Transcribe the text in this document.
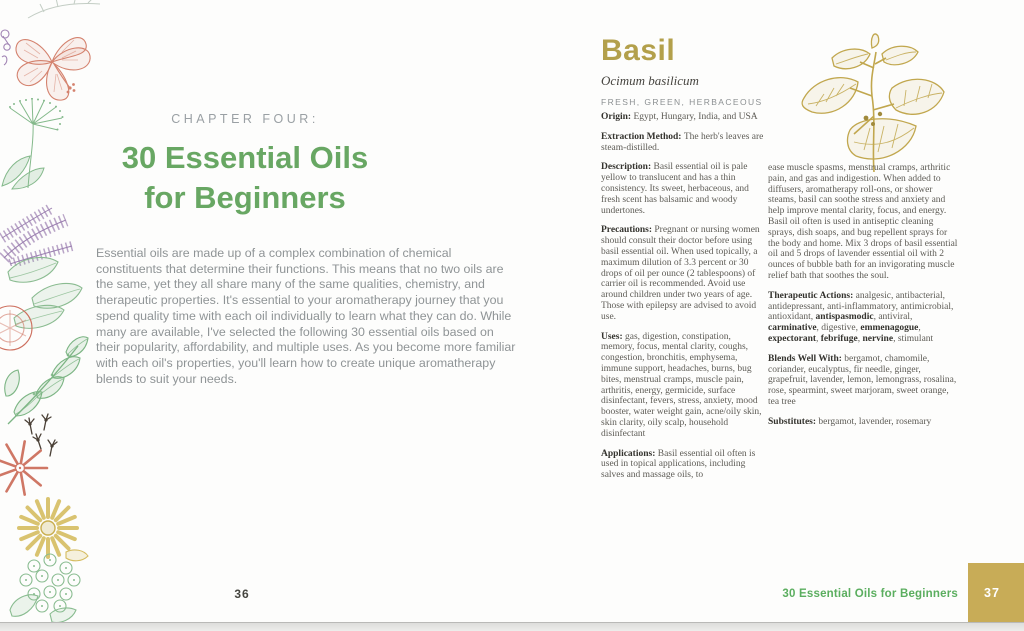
CHAPTER FOUR:
30 Essential Oils
for Beginners
Essential oils are made up of a complex combination of chemical constituents that determine their functions. This means that no two oils are the same, yet they all share many of the same qualities, chemistry, and therapeutic properties. It's essential to your aromatherapy journey that you spend quality time with each oil individually to learn what they can do. While many are available, I've selected the following 30 essential oils based on their popularity, affordability, and multiple uses. As you become more familiar with each oil's properties, you'll learn how to create unique aromatherapy blends to suit your needs.
36
Basil
Ocimum basilicum
FRESH, GREEN, HERBACEOUS

Origin: Egypt, Hungary, India, and USA

Extraction Method: The herb's leaves are steam-distilled.

Description: Basil essential oil is pale yellow to translucent and has a thin consistency. Its sweet, herbaceous, and fresh scent has balsamic and woody undertones.

Precautions: Pregnant or nursing women should consult their doctor before using basil essential oil. When used topically, a maximum dilution of 3.3 percent or 30 drops of oil per ounce (2 tablespoons) of carrier oil is recommended. Avoid use around children under two years of age. Those with epilepsy are advised to avoid use.

Uses: gas, digestion, constipation, memory, focus, mental clarity, coughs, congestion, bronchitis, emphysema, immune support, headaches, burns, bug bites, menstrual cramps, muscle pain, arthritis, energy, germicide, surface disinfectant, fevers, stress, anxiety, mood booster, water weight gain, acne/oily skin, skin clarity, oily scalp, household disinfectant

Applications: Basil essential oil often is used in topical applications, including salves and massage oils, to

ease muscle spasms, menstrual cramps, arthritic pain, and gas and indigestion. When added to diffusers, aromatherapy roll-ons, or shower steams, basil can soothe stress and anxiety and help improve mental clarity, focus, and energy. Basil oil often is used in antiseptic cleaning sprays, dish soaps, and bug repellent sprays for the body and home. Mix 3 drops of basil essential oil and 5 drops of lavender essential oil with 2 ounces of bubble bath for an invigorating muscle relief bath that soothes the soul.

Therapeutic Actions: analgesic, antibacterial, antidepressant, anti-inflammatory, antimicrobial, antioxidant, antispasmodic, antiviral, carminative, digestive, emmenagogue, expectorant, febrifuge, nervine, stimulant

Blends Well With: bergamot, chamomile, coriander, eucalyptus, fir needle, ginger, grapefruit, lavender, lemon, lemongrass, rosalina, rose, spearmint, sweet marjoram, sweet orange, tea tree

Substitutes: bergamot, lavender, rosemary

30 Essential Oils for Beginners 37
